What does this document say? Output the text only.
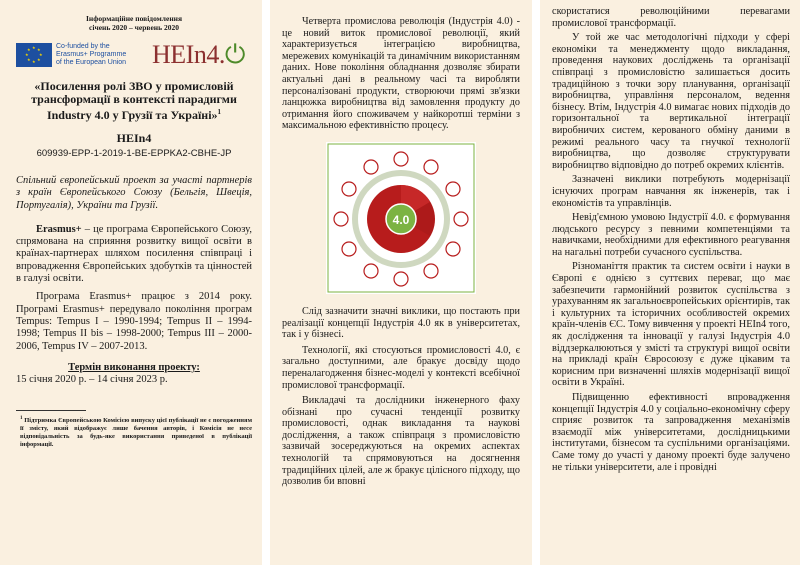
Інформаційне повідомлення

січень 2020 – червень 2020

★ ★
★
★
★
★
★
★	Co-funded by the

Erasmus+ Programme

of the European Union HEIn4.⏻

«Посилення ролі ЗВО у промисловій трансформації в контексті парадигми Industry 4.0 у Грузії та Україні»$^1$

HEIn4

609939-EPP-1-2019-1-BE-EPPKA2-CBHE-JP

Спільний європейський проект за участі партнерів з країн Європейського Союзу (Бельгія, Швеція, Португалія), України та Грузії.

Erasmus+ – це програма Європейського Союзу, спрямована на сприяння розвитку вищої освіти в країнах-партнерах шляхом посилення співпраці і впровадження Європейських здобутків та цінностей в галузі освіти.

Програма Erasmus+ працює з 2014 року. Програмі Erasmus+ передувало покоління програм Tempus: Tempus I – 1990-1994; Tempus II – 1994-1998; Tempus II bis – 1998-2000; Tempus III – 2000-2006, Tempus IV – 2007-2013.

Термін виконання проекту:

15 січня 2020 р. – 14 січня 2023 р.

$^1$ Підтримка Європейською Комісією випуску цієї публікації не є погодженням її змісту, який відображує лише бачення авторів, і Комісія не несе відповідальність за будь-яке використання приведеної в публікації інформації.

Четверта промислова революція (Індустрія 4.0) - це новий виток промислової революції, який характеризується інтеграцією виробництва, мережевих комунікацій та динамічним використанням даних. Нове покоління обладнання дозволяє збирати актуальні дані в реальному часі та виробляти персоналізовані продукти, створюючи прямі зв'язки ланцюжка виробництва від замовлення продукту до отримання його споживачем у найкоротші терміни з максимальною ефективністю процесу.

4.0

Слід зазначити значні виклики, що постають при реалізації концепції Індустрія 4.0 як в університетах, так і у бізнесі.

Технології, які стосуються промисловості 4.0, є загально доступними, але бракує досвіду щодо переналагодження бізнес-моделі у контексті всебічної промислової трансформації.

Викладачі та дослідники інженерного фаху обізнані про сучасні тенденції розвитку промисловості, однак викладання та наукові дослідження, а також співпраця з промисловістю зазвичай зосереджуються на окремих аспектах технологій та спрямовуються на досягнення традиційних цілей, але ж бракує цілісного підходу, що дозволив би вповні

скористатися революційними перевагами промислової трансформації.

У той же час методологічні підходи у сфері економіки та менеджменту щодо викладання, проведення наукових досліджень та організації співпраці з промисловістю залишається досить традиційною з точки зору планування, організації виробництва, управління персоналом, ведення бізнесу. Втім, Індустрія 4.0 вимагає нових підходів до горизонтальної та вертикальної інтеграції виробничих систем, керованого обміну даними в режимі реального часу та гнучкої технології виробництва, що дозволяє структурувати виробництво відповідно до потреб окремих клієнтів.

Зазначені виклики потребують модернізації існуючих програм навчання як інженерів, так і економістів та управлінців.

Невід'ємною умовою Індустрії 4.0. є формування людського ресурсу з певними компетенціями та навичками, необхідними для ефективного реагування на нагальні потреби сучасного суспільства.

Різноманіття практик та систем освіти і науки в Європі є однією з суттєвих переваг, що має забезпечити гармонійний розвиток суспільства з урахуванням як загальноєвропейських орієнтирів, так і культурних та історичних особливостей окремих країн-членів ЄС. Тому вивчення у проекті HEIn4 того, як дослідження та інновації у галузі Індустрія 4.0 віддзеркалюються у змісті та структурі вищої освіти на прикладі країн Євросоюзу є дуже цікавим та корисним при визначенні шляхів модернізації вищої освіти в Україні.

Підвищенню ефективності впровадження концепції Індустрія 4.0 у соціально-економічну сферу сприяє розвиток та запровадження механізмів взаємодії між університетами, дослідницькими інститутами, бізнесом та суспільними організаціями. Саме тому до участі у даному проекті буде залучено не тільки університети, але і провідні
